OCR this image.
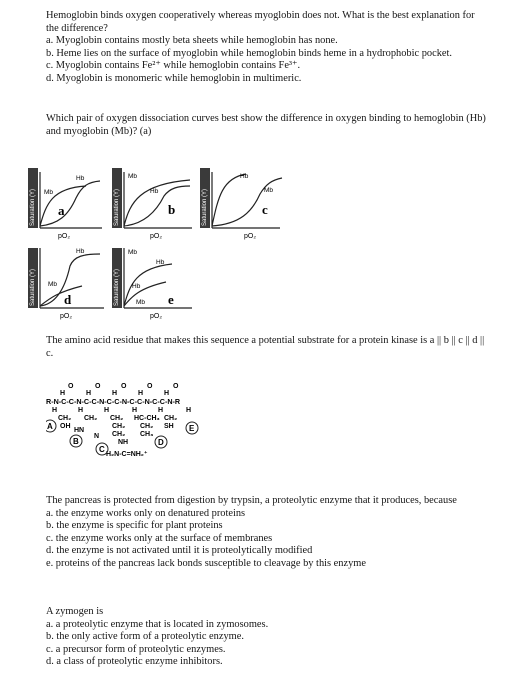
Hemoglobin binds oxygen cooperatively whereas myoglobin does not. What is the best explanation for the difference?

a. Myoglobin contains mostly beta sheets while hemoglobin has none.

b. Heme lies on the surface of myoglobin while hemoglobin binds heme in a hydrophobic pocket.

c. Myoglobin contains Fe²⁺ while hemoglobin contains Fe³⁺.

d. Myoglobin is monomeric while hemoglobin in multimeric.

Which pair of oxygen dissociation curves best show the difference in oxygen binding to hemoglobin (Hb) and myoglobin (Mb)? (a)

Saturation (Y)
Hb
Mb
a
pO₂
Saturation (Y)
Mb
Hb
b
pO₂
Saturation (Y)
Hb
Mb
c
pO₂
Saturation (Y)
Hb
Mb
d
pO₂
Saturation (Y)
Mb
Hb
Hb
Mb e
pO₂

The amino acid residue that makes this sequence a potential substrate for a protein kinase is a || b || c || d || c.

O	O	O	O	O
H	H	H	H	H
R-N-C-C-N-C-C-N-C-C-N-C-C-N-C-C-N-R
H	H	H	H	H	H
CH₂
OH
CH₂
HN
N
CH₂
CH₂
CH₂
NH
H₂N-C=NH₂⁺
HC-CH₃
CH₂
CH₃
CH₂
SH
A
B
C
D
E

The pancreas is protected from digestion by trypsin, a proteolytic enzyme that it produces, because

a. the enzyme works only on denatured proteins

b. the enzyme is specific for plant proteins

c. the enzyme works only at the surface of membranes

d. the enzyme is not activated until it is proteolytically modified

e. proteins of the pancreas lack bonds susceptible to cleavage by this enzyme

A zymogen is

a. a proteolytic enzyme that is located in zymosomes.

b. the only active form of a proteolytic enzyme.

c. a precursor form of proteolytic enzymes.

d. a class of proteolytic enzyme inhibitors.
